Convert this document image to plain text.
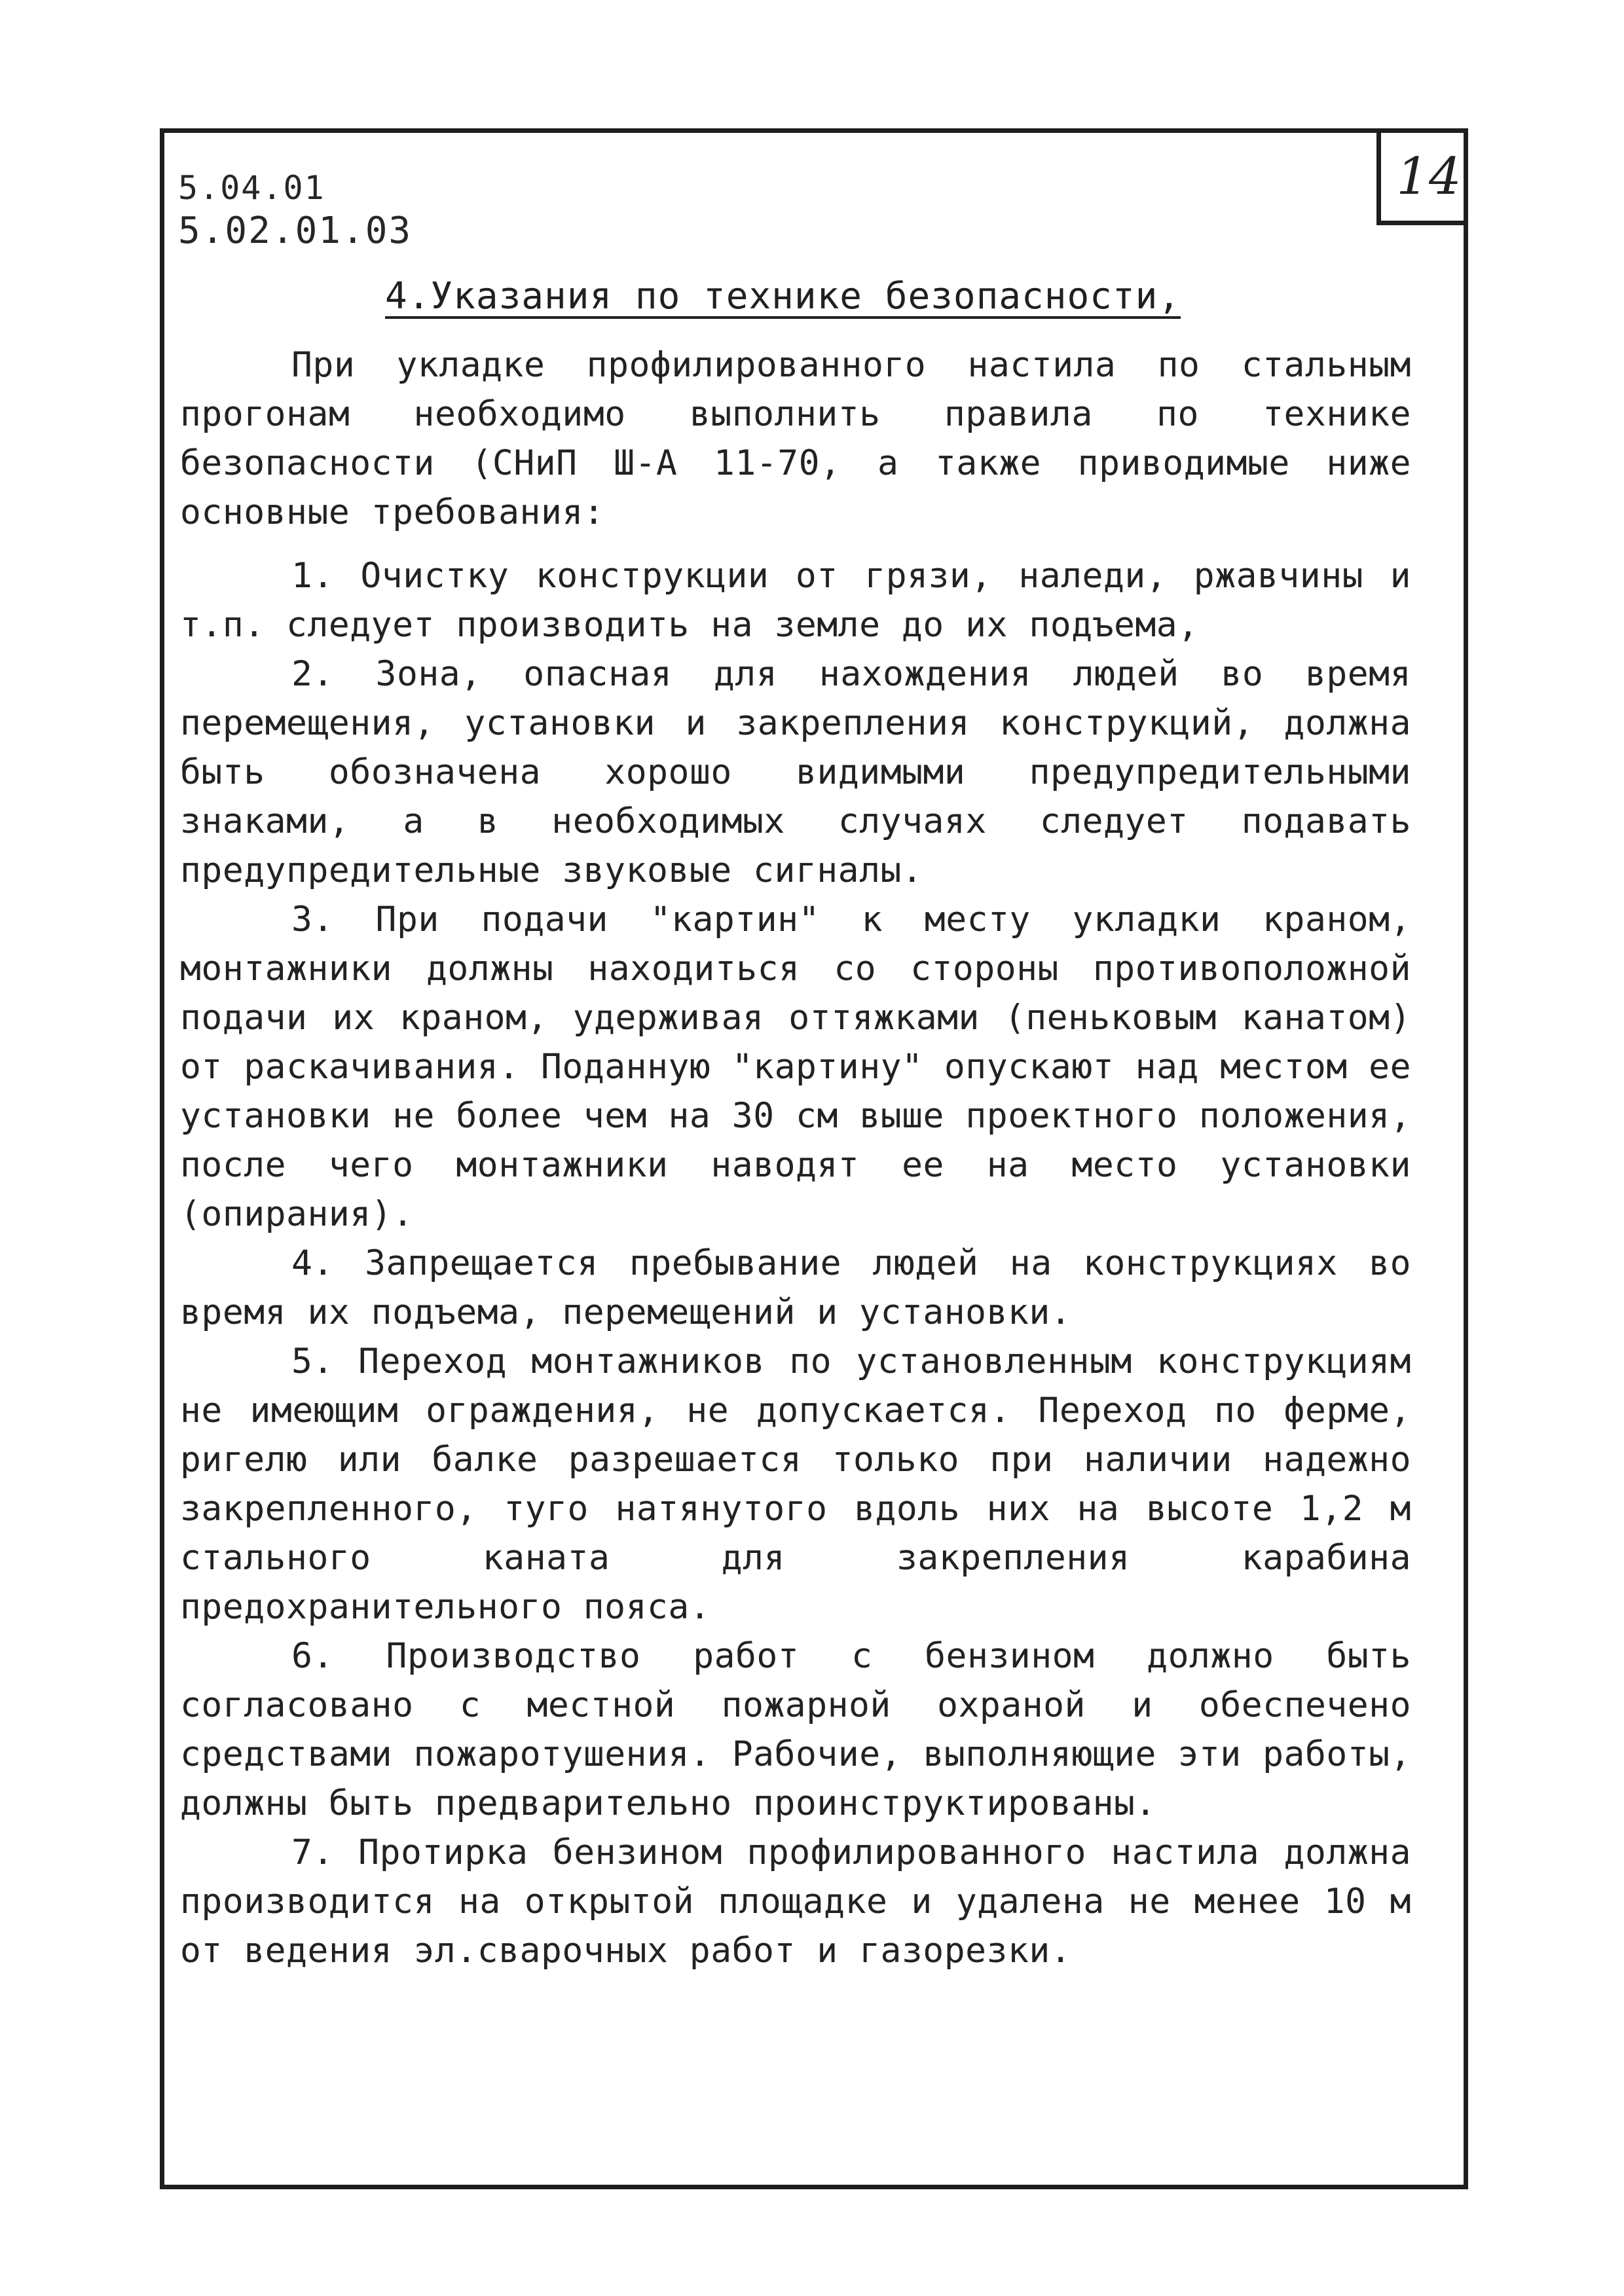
14
5.04.01
5.02.01.03
4.Указания по технике безопасности,

При укладке профилированного настила по стальным прогонам необходимо выполнить правила по технике безопасности (СНиП Ш-А 11-70, а также приводимые ниже основные требования:

1. Очистку конструкции от грязи, наледи, ржавчины и т.п. следует производить на земле до их подъема,

2. Зона, опасная для нахождения людей во время перемещения, установки и закрепления конструкций, должна быть обозначена хорошо видимыми предупредительными знаками, а в необходимых случаях следует подавать предупредительные звуковые сигналы.

3. При подачи "картин" к месту укладки краном, монтажники должны находиться со стороны противоположной подачи их краном, удерживая оттяжками (пеньковым канатом) от раскачивания. Поданную "картину" опускают над местом ее установки не более чем на 30 см выше проектного положения, после чего монтажники наводят ее на место установки (опирания).

4. Запрещается пребывание людей на конструкциях во время их подъема, перемещений и установки.

5. Переход монтажников по установленным конструкциям не имеющим ограждения, не допускается. Переход по ферме, ригелю или балке разрешается только при наличии надежно закрепленного, туго натянутого вдоль них на высоте 1,2 м стального каната для закрепления карабина предохранительного пояса.

6. Производство работ с бензином должно быть согласовано с местной пожарной охраной и обеспечено средствами пожаротушения. Рабочие, выполняющие эти работы, должны быть предварительно проинструктированы.

7. Протирка бензином профилированного настила должна производится на открытой площадке и удалена не менее 10 м от ведения эл.сварочных работ и газорезки.
